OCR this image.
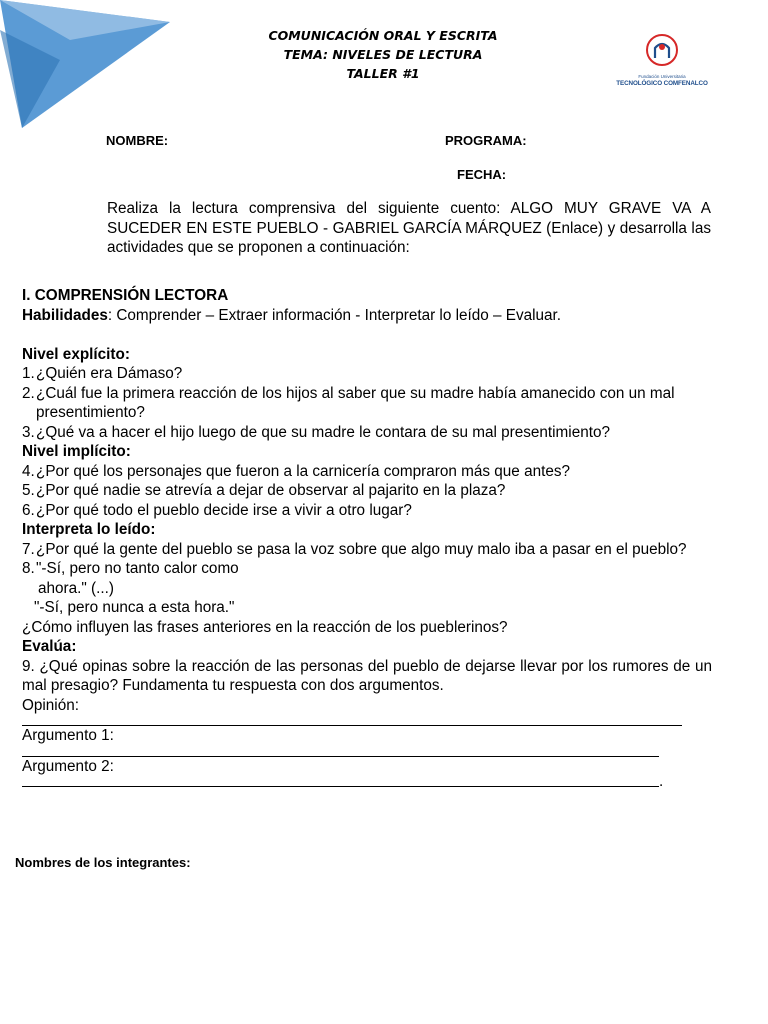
COMUNICACIÓN ORAL Y ESCRITA
TEMA: NIVELES DE LECTURA
TALLER #1	Fundación Universitaria
TECNOLÓGICO COMFENALCO
NOMBRE:	PROGRAMA:
FECHA:
Realiza la lectura comprensiva del siguiente cuento: ALGO MUY GRAVE VA A SUCEDER EN ESTE PUEBLO - GABRIEL GARCÍA MÁRQUEZ (Enlace) y desarrolla las actividades que se proponen a continuación:

I. COMPRENSIÓN LECTORA

Habilidades: Comprender – Extraer información - Interpretar lo leído – Evaluar.

Nivel explícito:

1.¿Quién era Dámaso?

2.¿Cuál fue la primera reacción de los hijos al saber que su madre había amanecido con un mal

presentimiento?

3.¿Qué va a hacer el hijo luego de que su madre le contara de su mal presentimiento?

Nivel implícito:

4.¿Por qué los personajes que fueron a la carnicería compraron más que antes?

5.¿Por qué nadie se atrevía a dejar de observar al pajarito en la plaza?

6.¿Por qué todo el pueblo decide irse a vivir a otro lugar?

Interpreta lo leído:

7.¿Por qué la gente del pueblo se pasa la voz sobre que algo muy malo iba a pasar en el pueblo?

8."-Sí, pero no tanto calor como

ahora." (...)

"-Sí, pero nunca a esta hora."

¿Cómo influyen las frases anteriores en la reacción de los pueblerinos?

Evalúa:

9. ¿Qué opinas sobre la reacción de las personas del pueblo de dejarse llevar por los rumores de un mal presagio? Fundamenta tu respuesta con dos argumentos.

Opinión:

Argumento 1:

Argumento 2:

.
Nombres de los integrantes:
